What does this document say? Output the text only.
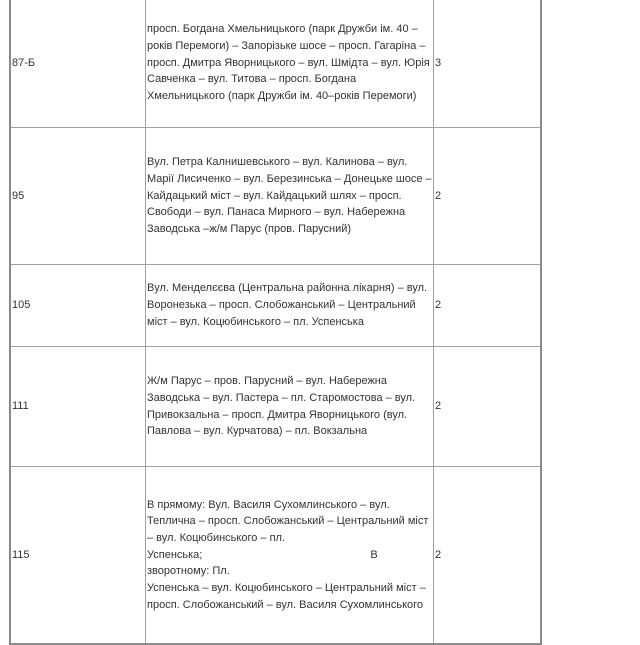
87-Б	просп. Богдана Хмельницького (парк Дружби ім. 40 – років Перемоги) – Запорізьке шосе – просп. Гагаріна – просп. Дмитра Яворницького – вул. Шмідта – вул. Юрія Савченка – вул. Титова – просп. Богдана Хмельницького (парк Дружби ім. 40–років Перемоги)	3
95	Вул. Петра Калнишевського – вул. Калинова – вул. Марії Лисиченко – вул. Березинська – Донецьке шосе – Кайдацький міст – вул. Кайдацький шлях – просп. Свободи – вул. Панаса Мирного – вул. Набережна Заводська –ж/м Парус (пров. Парусний)	2
105	Вул. Менделєєва (Центральна районна лікарня) – вул. Воронезька – просп. Слобожанський – Центральний міст – вул. Коцюбинського – пл. Успенська	2
111	Ж/м Парус – пров. Парусний – вул. Набережна Заводська – вул. Пастера – пл. Старомостова – вул. Привокзальна – просп. Дмитра Яворницького (вул. Павлова – вул. Курчатова) – пл. Вокзальна	2
115	В прямому: Вул. Василя Сухомлинського – вул. Теплична – просп. Слобожанський – Центральний міст – вул. Коцюбинського – пл.
Успенська; В зворотному: Пл.
Успенська – вул. Коцюбинського – Центральний міст – просп. Слобожанський – вул. Василя Сухомлинського	2
